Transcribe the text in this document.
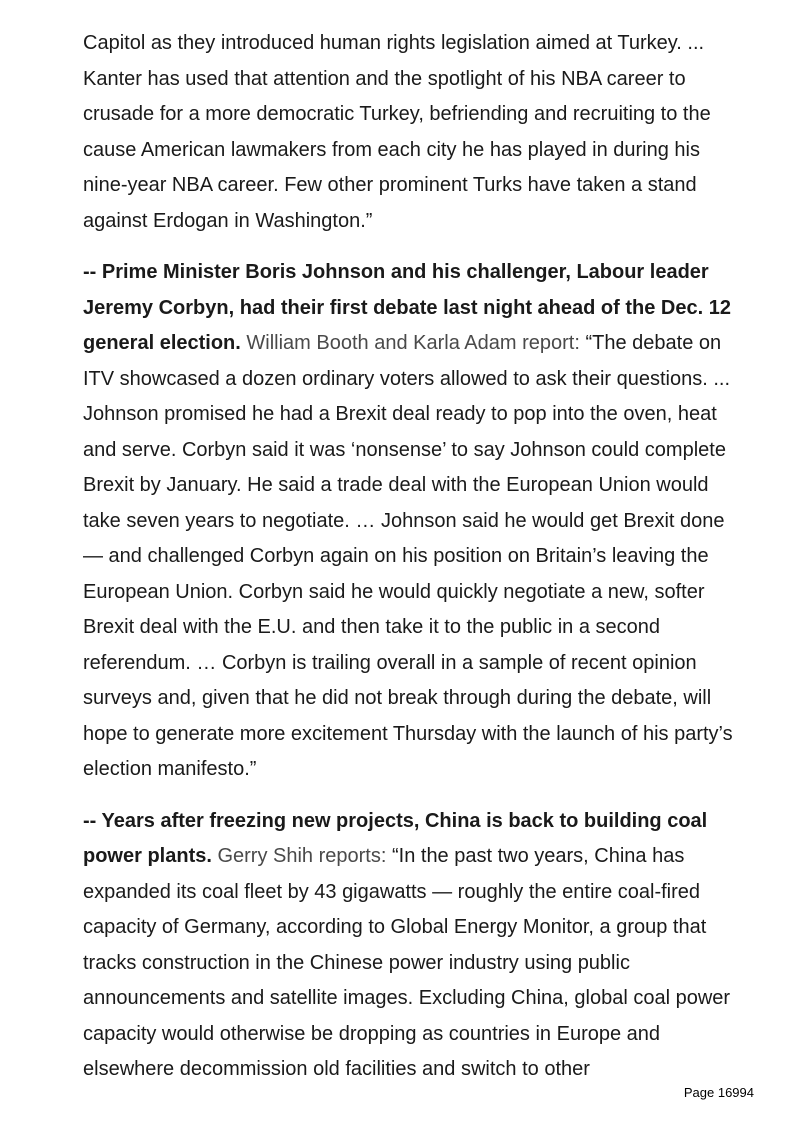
Capitol as they introduced human rights legislation aimed at Turkey. ... Kanter has used that attention and the spotlight of his NBA career to crusade for a more democratic Turkey, befriending and recruiting to the cause American lawmakers from each city he has played in during his nine-year NBA career. Few other prominent Turks have taken a stand against Erdogan in Washington.”

-- Prime Minister Boris Johnson and his challenger, Labour leader Jeremy Corbyn, had their first debate last night ahead of the Dec. 12 general election. William Booth and Karla Adam report: “The debate on ITV showcased a dozen ordinary voters allowed to ask their questions. ... Johnson promised he had a Brexit deal ready to pop into the oven, heat and serve. Corbyn said it was ‘nonsense’ to say Johnson could complete Brexit by January. He said a trade deal with the European Union would take seven years to negotiate. … Johnson said he would get Brexit done — and challenged Corbyn again on his position on Britain’s leaving the European Union. Corbyn said he would quickly negotiate a new, softer Brexit deal with the E.U. and then take it to the public in a second referendum. … Corbyn is trailing overall in a sample of recent opinion surveys and, given that he did not break through during the debate, will hope to generate more excitement Thursday with the launch of his party’s election manifesto.”

-- Years after freezing new projects, China is back to building coal power plants. Gerry Shih reports: “In the past two years, China has expanded its coal fleet by 43 gigawatts — roughly the entire coal-fired capacity of Germany, according to Global Energy Monitor, a group that tracks construction in the Chinese power industry using public announcements and satellite images. Excluding China, global coal power capacity would otherwise be dropping as countries in Europe and elsewhere decommission old facilities and switch to other

Page 16994
